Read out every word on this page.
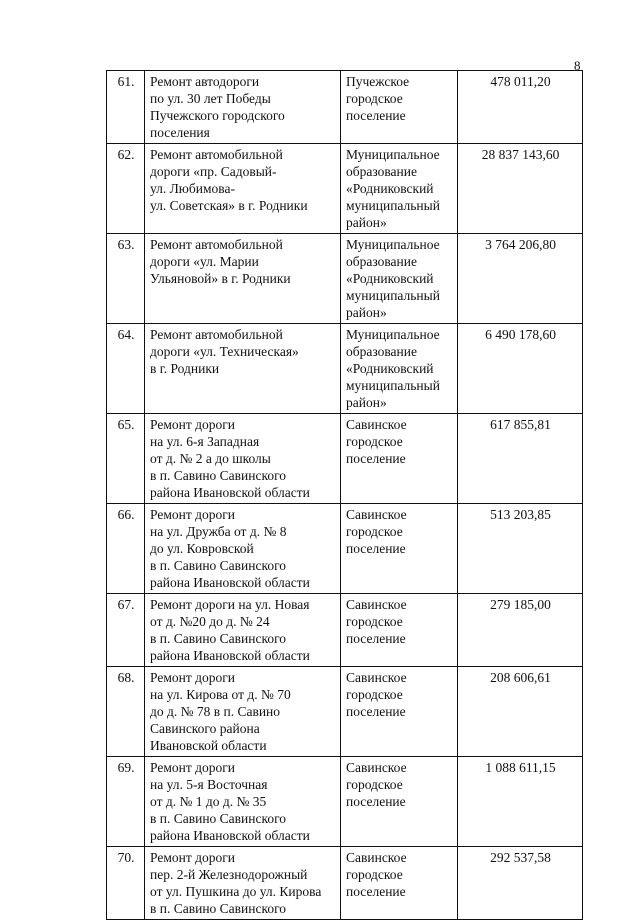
8
61.	Ремонт автодороги
по ул. 30 лет Победы
Пучежского городского
поселения	Пучежское
городское
поселение	478 011,20
62.	Ремонт автомобильной
дороги «пр. Садовый-
ул. Любимова-
ул. Советская» в г. Родники	Муниципальное
образование
«Родниковский
муниципальный
район»	28 837 143,60
63.	Ремонт автомобильной
дороги «ул. Марии
Ульяновой» в г. Родники	Муниципальное
образование
«Родниковский
муниципальный
район»	3 764 206,80
64.	Ремонт автомобильной
дороги «ул. Техническая»
в г. Родники	Муниципальное
образование
«Родниковский
муниципальный
район»	6 490 178,60
65.	Ремонт дороги
на ул. 6-я Западная
от д. № 2 а до школы
в п. Савино Савинского
района Ивановской области	Савинское
городское
поселение	617 855,81
66.	Ремонт дороги
на ул. Дружба от д. № 8
до ул. Ковровской
в п. Савино Савинского
района Ивановской области	Савинское
городское
поселение	513 203,85
67.	Ремонт дороги на ул. Новая
от д. №20 до д. № 24
в п. Савино Савинского
района Ивановской области	Савинское
городское
поселение	279 185,00
68.	Ремонт дороги
на ул. Кирова от д. № 70
до д. № 78 в п. Савино
Савинского района
Ивановской области	Савинское
городское
поселение	208 606,61
69.	Ремонт дороги
на ул. 5-я Восточная
от д. № 1 до д. № 35
в п. Савино Савинского
района Ивановской области	Савинское
городское
поселение	1 088 611,15
70.	Ремонт дороги
пер. 2-й Железнодорожный
от ул. Пушкина до ул. Кирова
в п. Савино Савинского	Савинское
городское
поселение	292 537,58
